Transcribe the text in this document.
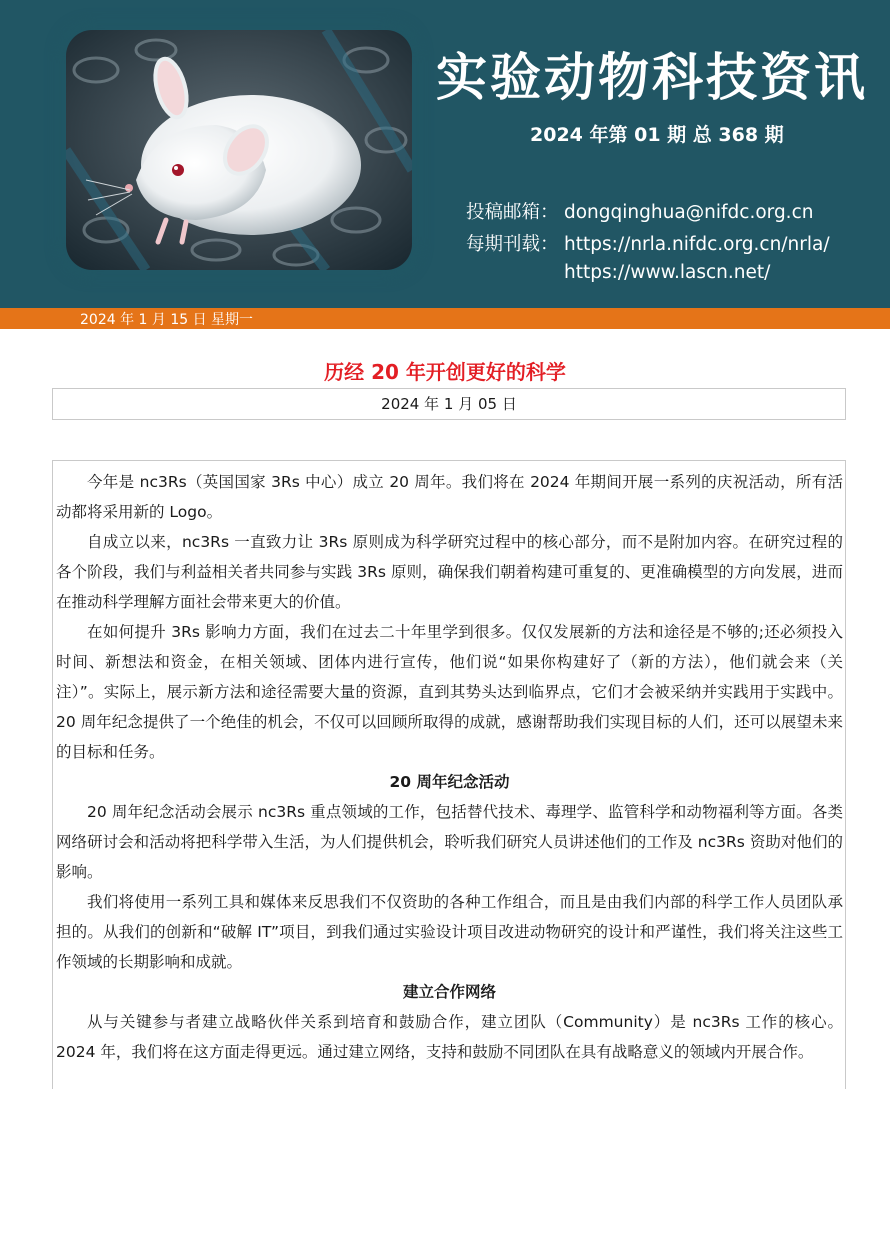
实验动物科技资讯
2024 年第 01 期 总 368 期
投稿邮箱： dongqinghua@nifdc.org.cn
每期刊载： https://nrla.nifdc.org.cn/nrla/
https://www.lascn.net/
2024 年 1 月 15 日 星期一
历经 20 年开创更好的科学
2024 年 1 月 05 日

今年是 nc3Rs（英国国家 3Rs 中心）成立 20 周年。我们将在 2024 年期间开展一系列的庆祝活动，所有活动都将采用新的 Logo。

自成立以来，nc3Rs 一直致力让 3Rs 原则成为科学研究过程中的核心部分，而不是附加内容。在研究过程的各个阶段，我们与利益相关者共同参与实践 3Rs 原则，确保我们朝着构建可重复的、更准确模型的方向发展，进而在推动科学理解方面社会带来更大的价值。

在如何提升 3Rs 影响力方面，我们在过去二十年里学到很多。仅仅发展新的方法和途径是不够的;还必须投入时间、新想法和资金，在相关领域、团体内进行宣传，他们说“如果你构建好了（新的方法），他们就会来（关注）”。实际上，展示新方法和途径需要大量的资源，直到其势头达到临界点，它们才会被采纳并实践用于实践中。20 周年纪念提供了一个绝佳的机会，不仅可以回顾所取得的成就，感谢帮助我们实现目标的人们，还可以展望未来的目标和任务。

20 周年纪念活动

20 周年纪念活动会展示 nc3Rs 重点领域的工作，包括替代技术、毒理学、监管科学和动物福利等方面。各类网络研讨会和活动将把科学带入生活，为人们提供机会，聆听我们研究人员讲述他们的工作及 nc3Rs 资助对他们的影响。

我们将使用一系列工具和媒体来反思我们不仅资助的各种工作组合，而且是由我们内部的科学工作人员团队承担的。从我们的创新和“破解 IT”项目，到我们通过实验设计项目改进动物研究的设计和严谨性，我们将关注这些工作领域的长期影响和成就。

建立合作网络

从与关键参与者建立战略伙伴关系到培育和鼓励合作，建立团队（Community）是 nc3Rs 工作的核心。2024 年，我们将在这方面走得更远。通过建立网络，支持和鼓励不同团队在具有战略意义的领域内开展合作。
